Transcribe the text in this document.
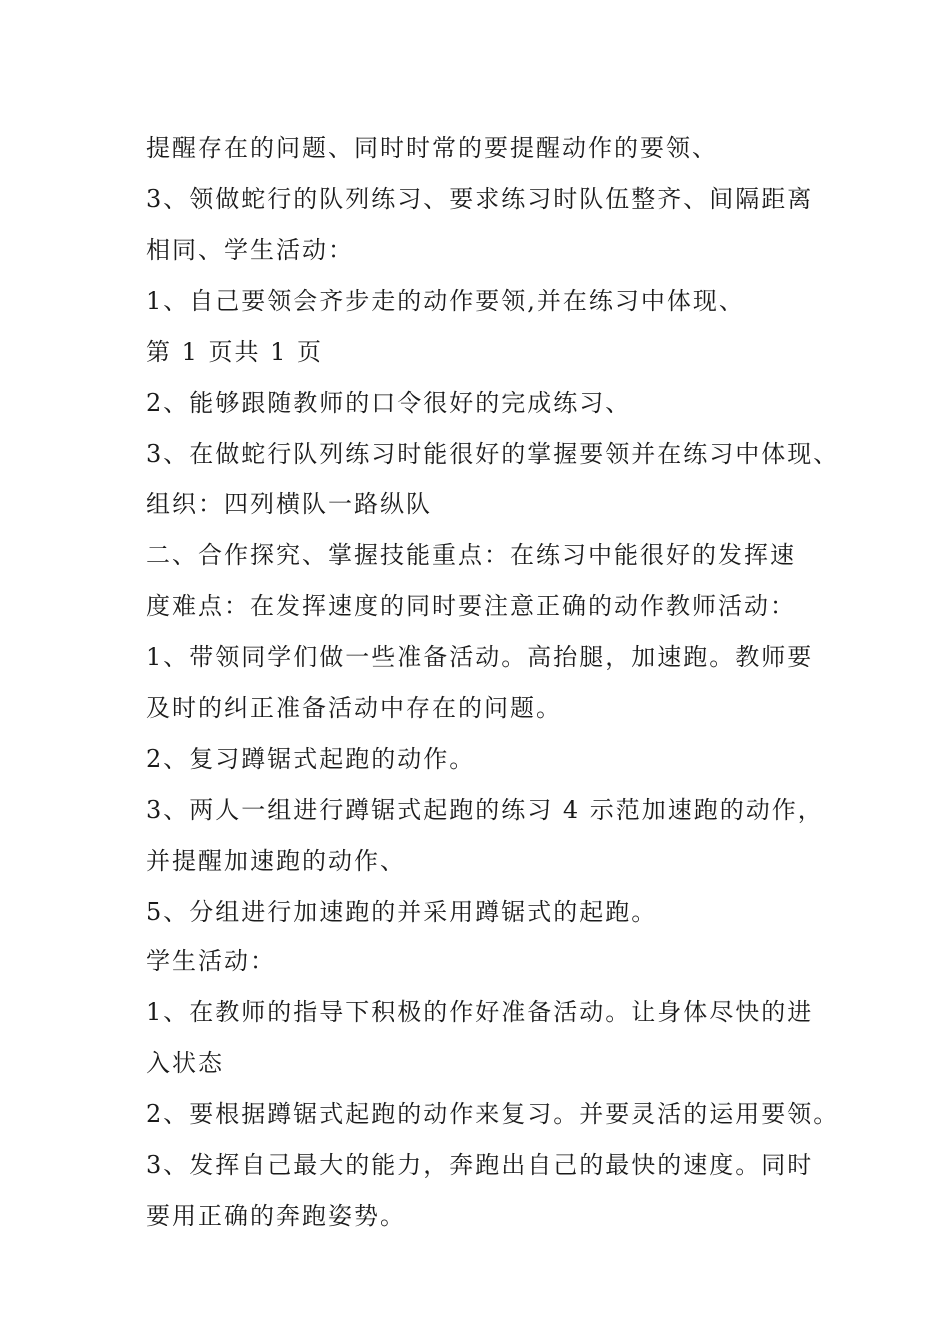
提醒存在的问题、同时时常的要提醒动作的要领、
3、领做蛇行的队列练习、要求练习时队伍整齐、间隔距离
相同、学生活动：
1、自己要领会齐步走的动作要领,并在练习中体现、
第 1 页共 1 页
2、能够跟随教师的口令很好的完成练习、
3、在做蛇行队列练习时能很好的掌握要领并在练习中体现、
组织：四列横队一路纵队
二、合作探究、掌握技能重点：在练习中能很好的发挥速
度难点：在发挥速度的同时要注意正确的动作教师活动：
1、带领同学们做一些准备活动。高抬腿，加速跑。教师要
及时的纠正准备活动中存在的问题。
2、复习蹲锯式起跑的动作。
3、两人一组进行蹲锯式起跑的练习 4 示范加速跑的动作，
并提醒加速跑的动作、
5、分组进行加速跑的并采用蹲锯式的起跑。
学生活动：
1、在教师的指导下积极的作好准备活动。让身体尽快的进
入状态
2、要根据蹲锯式起跑的动作来复习。并要灵活的运用要领。
3、发挥自己最大的能力，奔跑出自己的最快的速度。同时
要用正确的奔跑姿势。
